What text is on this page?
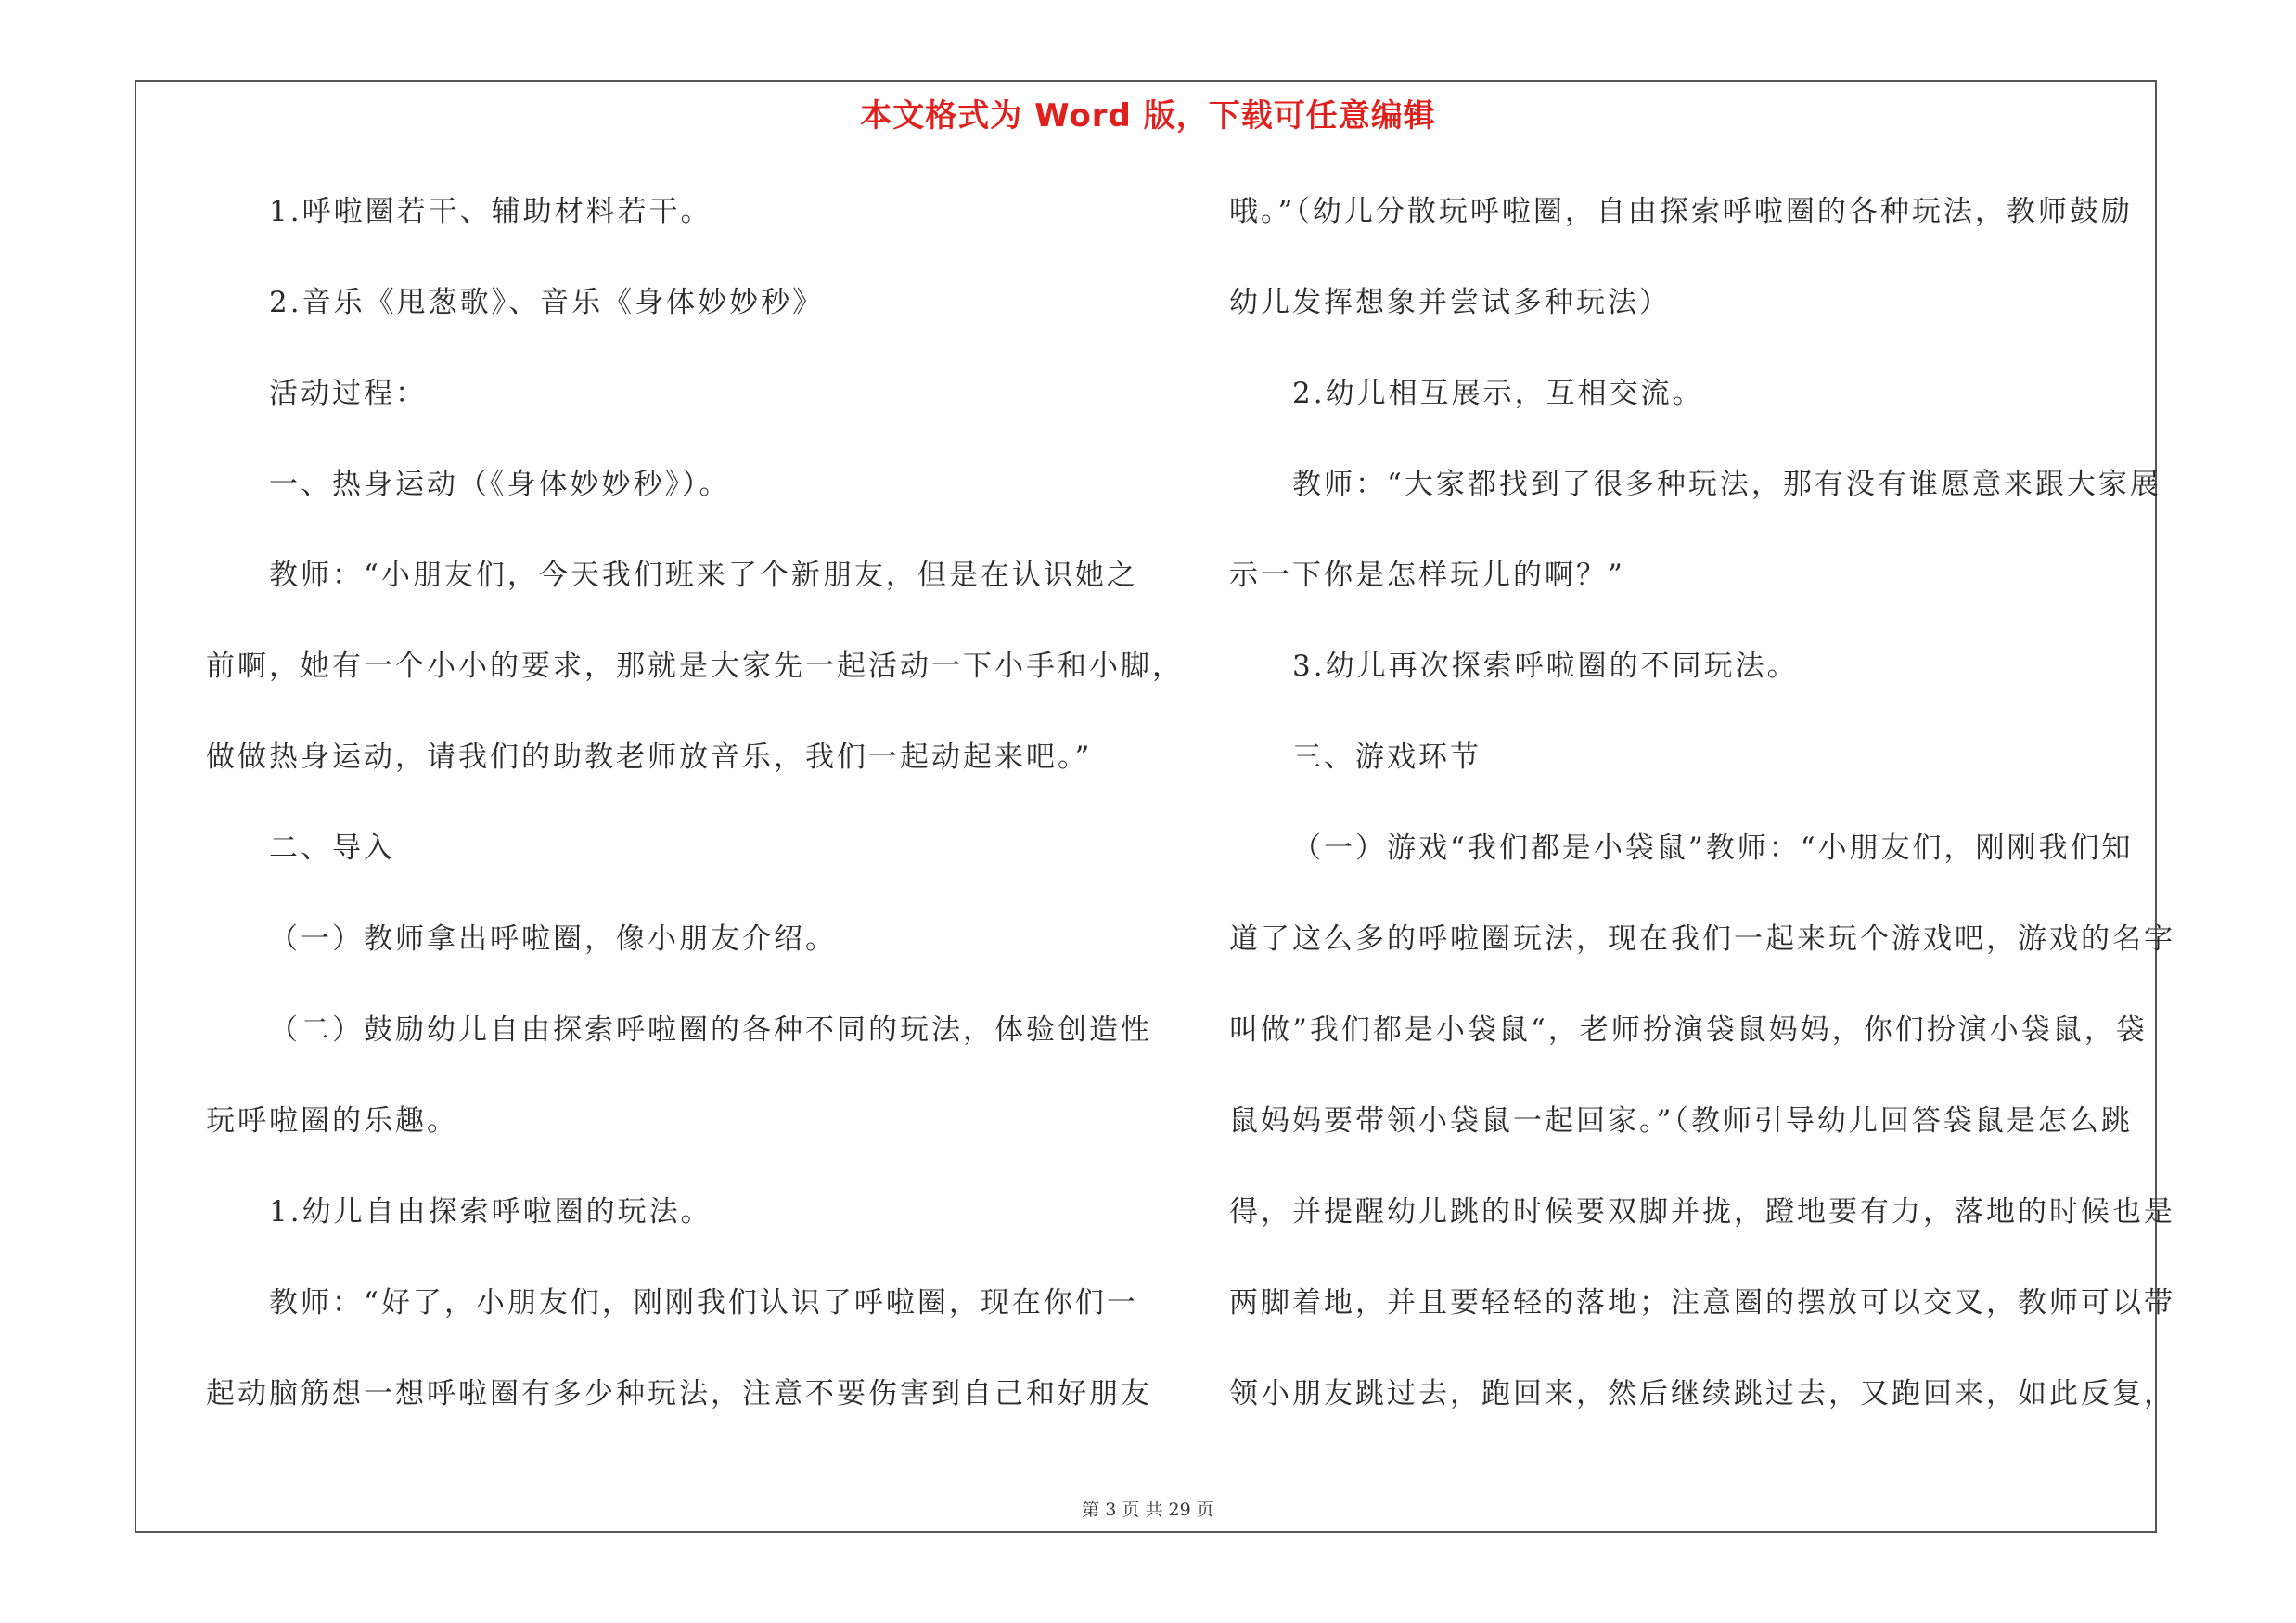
本文格式为 Word 版，下载可任意编辑
1.呼啦圈若干、辅助材料若干。
2.音乐《甩葱歌》、音乐《身体妙妙秒》
活动过程：
一、热身运动（《身体妙妙秒》）。
教师：“小朋友们，今天我们班来了个新朋友，但是在认识她之
前啊，她有一个小小的要求，那就是大家先一起活动一下小手和小脚，
做做热身运动，请我们的助教老师放音乐，我们一起动起来吧。”
二、导入
（一）教师拿出呼啦圈，像小朋友介绍。
（二）鼓励幼儿自由探索呼啦圈的各种不同的玩法，体验创造性
玩呼啦圈的乐趣。
1.幼儿自由探索呼啦圈的玩法。
教师：“好了，小朋友们，刚刚我们认识了呼啦圈，现在你们一
起动脑筋想一想呼啦圈有多少种玩法，注意不要伤害到自己和好朋友
哦。”（幼儿分散玩呼啦圈，自由探索呼啦圈的各种玩法，教师鼓励
幼儿发挥想象并尝试多种玩法）
2.幼儿相互展示，互相交流。
教师：“大家都找到了很多种玩法，那有没有谁愿意来跟大家展
示一下你是怎样玩儿的啊？”
3.幼儿再次探索呼啦圈的不同玩法。
三、游戏环节
（一）游戏“我们都是小袋鼠”教师：“小朋友们，刚刚我们知
道了这么多的呼啦圈玩法，现在我们一起来玩个游戏吧，游戏的名字
叫做”我们都是小袋鼠“，老师扮演袋鼠妈妈，你们扮演小袋鼠，袋
鼠妈妈要带领小袋鼠一起回家。”（教师引导幼儿回答袋鼠是怎么跳
得，并提醒幼儿跳的时候要双脚并拢，蹬地要有力，落地的时候也是
两脚着地，并且要轻轻的落地；注意圈的摆放可以交叉，教师可以带
领小朋友跳过去，跑回来，然后继续跳过去，又跑回来，如此反复，
第 3 页 共 29 页
